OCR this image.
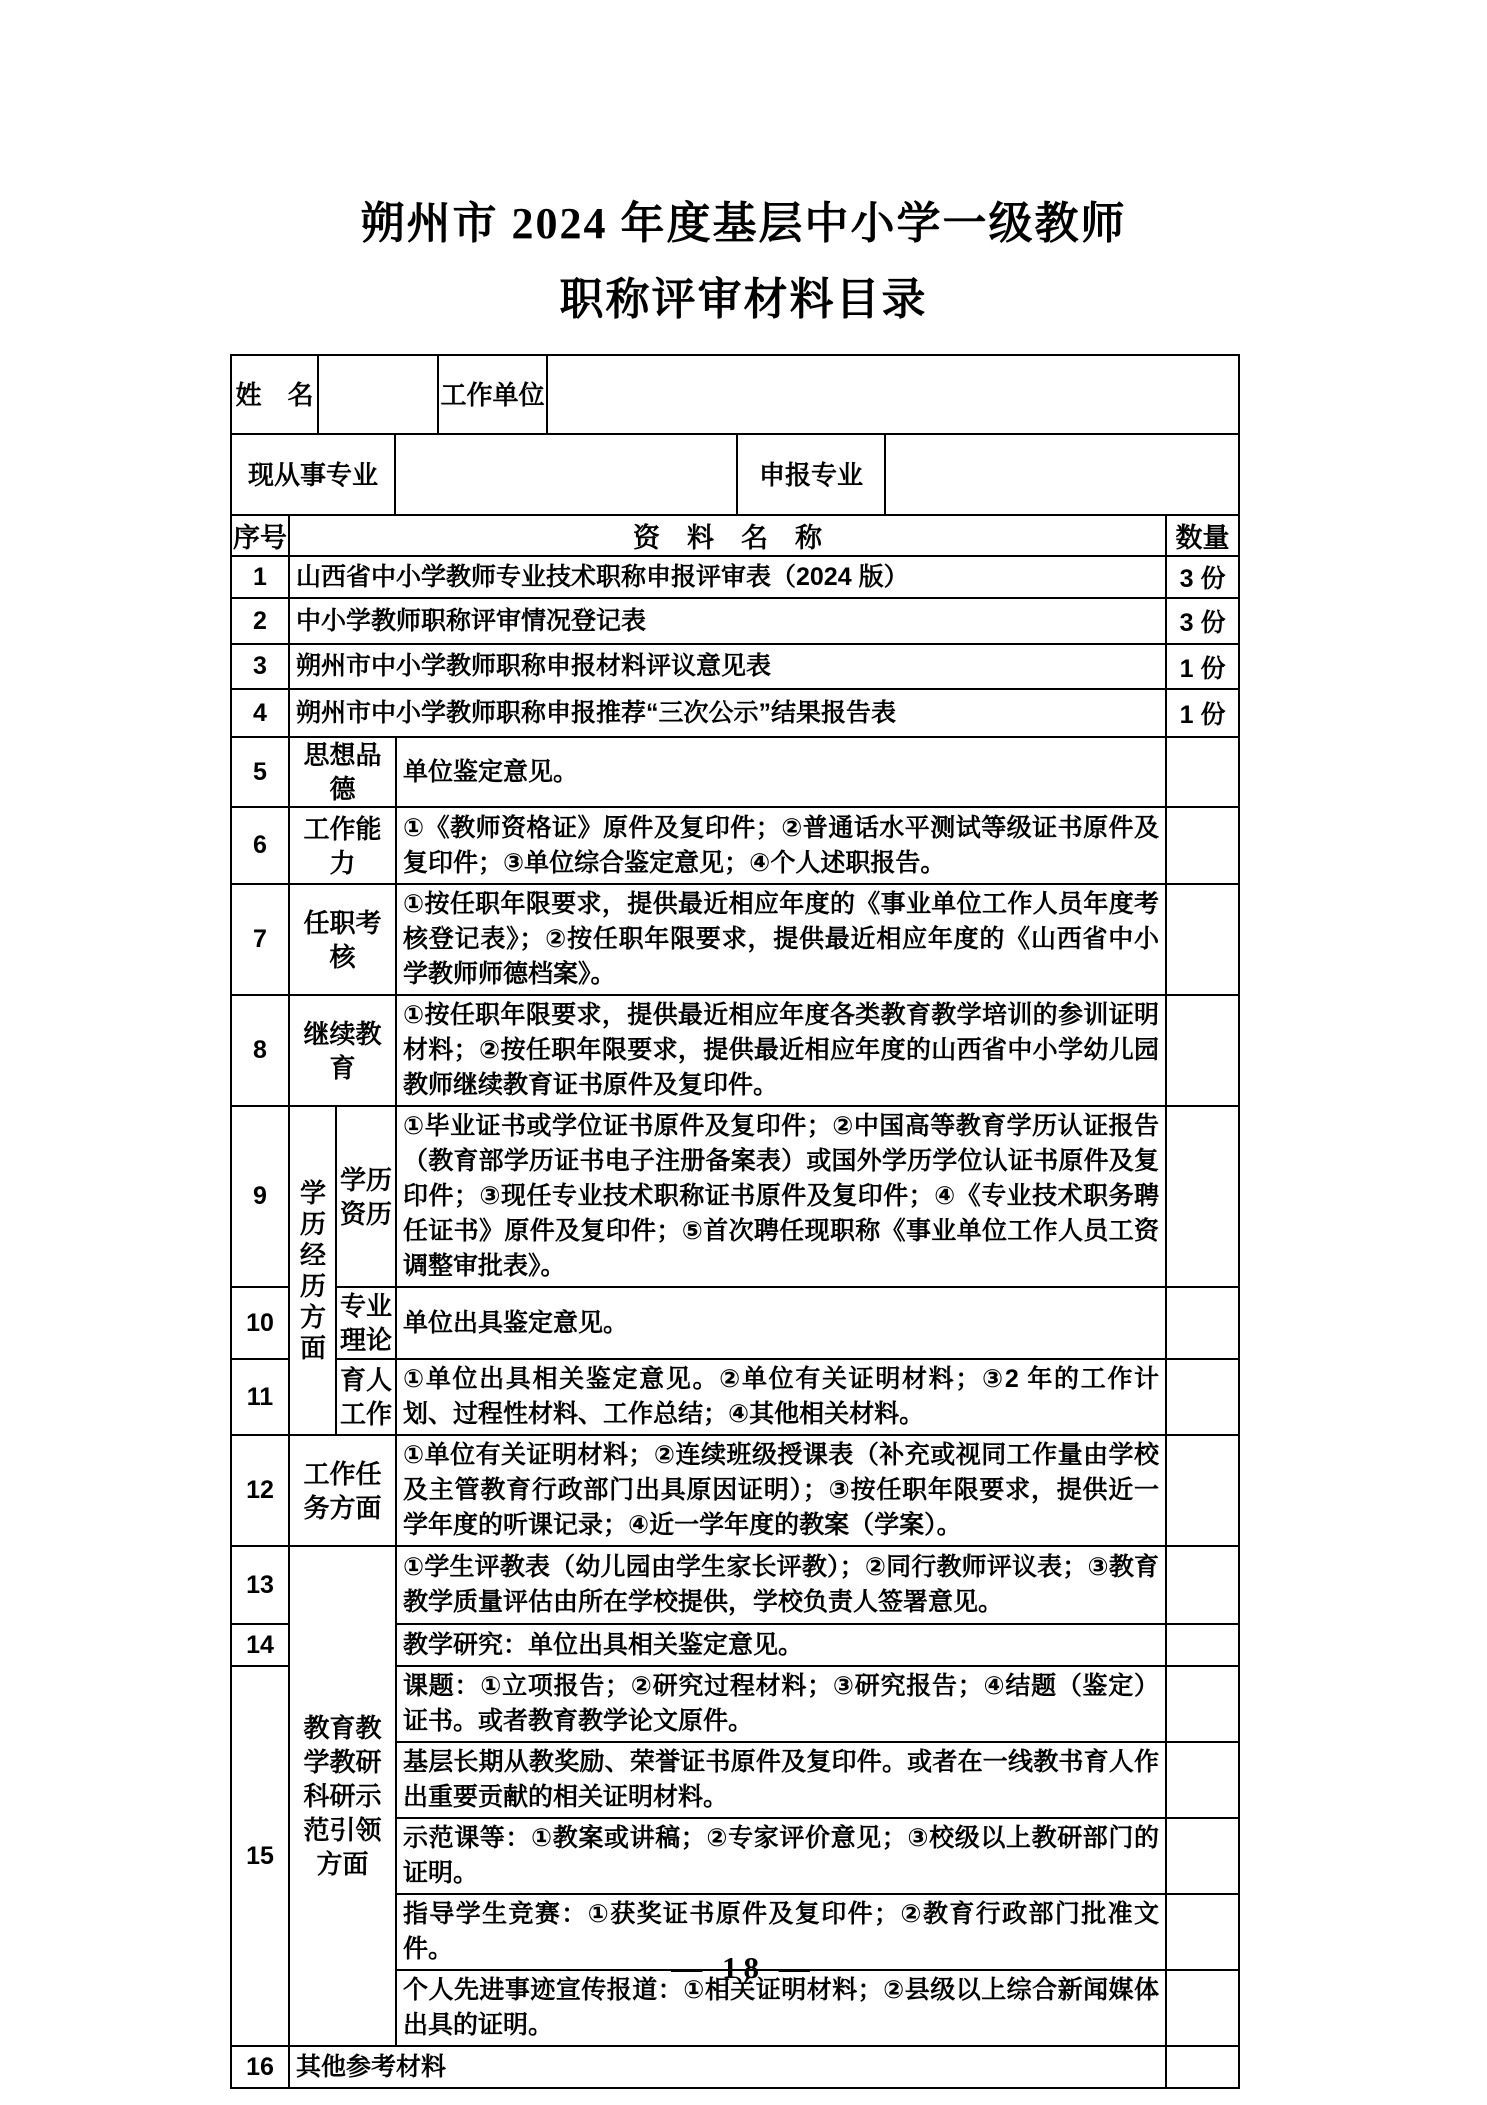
朔州市 2024 年度基层中小学一级教师
职称评审材料目录
姓　名		工作单位	
现从事专业		申报专业	
序号	资　料　名　称			数量
1	山西省中小学教师专业技术职称申报评审表（2024 版）			3 份
2	中小学教师职称评审情况登记表			3 份
3	朔州市中小学教师职称申报材料评议意见表			1 份
4	朔州市中小学教师职称申报推荐“三次公示”结果报告表			1 份
5	思想品德		单位鉴定意见。	
6	工作能力		①《教师资格证》原件及复印件；②普通话水平测试等级证书原件及复印件；③单位综合鉴定意见；④个人述职报告。	
7	任职考核		①按任职年限要求，提供最近相应年度的《事业单位工作人员年度考核登记表》；②按任职年限要求，提供最近相应年度的《山西省中小学教师师德档案》。	
8	继续教育		①按任职年限要求，提供最近相应年度各类教育教学培训的参训证明材料；②按任职年限要求，提供最近相应年度的山西省中小学幼儿园教师继续教育证书原件及复印件。	
9	学历经历方面	学历资历	①毕业证书或学位证书原件及复印件；②中国高等教育学历认证报告（教育部学历证书电子注册备案表）或国外学历学位认证书原件及复印件；③现任专业技术职称证书原件及复印件；④《专业技术职务聘任证书》原件及复印件；⑤首次聘任现职称《事业单位工作人员工资调整审批表》。	
10		专业理论	单位出具鉴定意见。	
11		育人工作	①单位出具相关鉴定意见。②单位有关证明材料；③2 年的工作计划、过程性材料、工作总结；④其他相关材料。	
12	工作任务方面		①单位有关证明材料；②连续班级授课表（补充或视同工作量由学校及主管教育行政部门出具原因证明）；③按任职年限要求，提供近一学年度的听课记录；④近一学年度的教案（学案）。	
13	教育教学教研科研示范引领方面		①学生评教表（幼儿园由学生家长评教）；②同行教师评议表；③教育教学质量评估由所在学校提供，学校负责人签署意见。	
14			教学研究：单位出具相关鉴定意见。	
15			课题：①立项报告；②研究过程材料；③研究报告；④结题（鉴定）证书。或者教育教学论文原件。	
			基层长期从教奖励、荣誉证书原件及复印件。或者在一线教书育人作出重要贡献的相关证明材料。	
			示范课等：①教案或讲稿；②专家评价意见；③校级以上教研部门的证明。	
			指导学生竞赛：①获奖证书原件及复印件；②教育行政部门批准文件。	
			个人先进事迹宣传报道：①相关证明材料；②县级以上综合新闻媒体出具的证明。	
16	其他参考材料			
— 18 —
